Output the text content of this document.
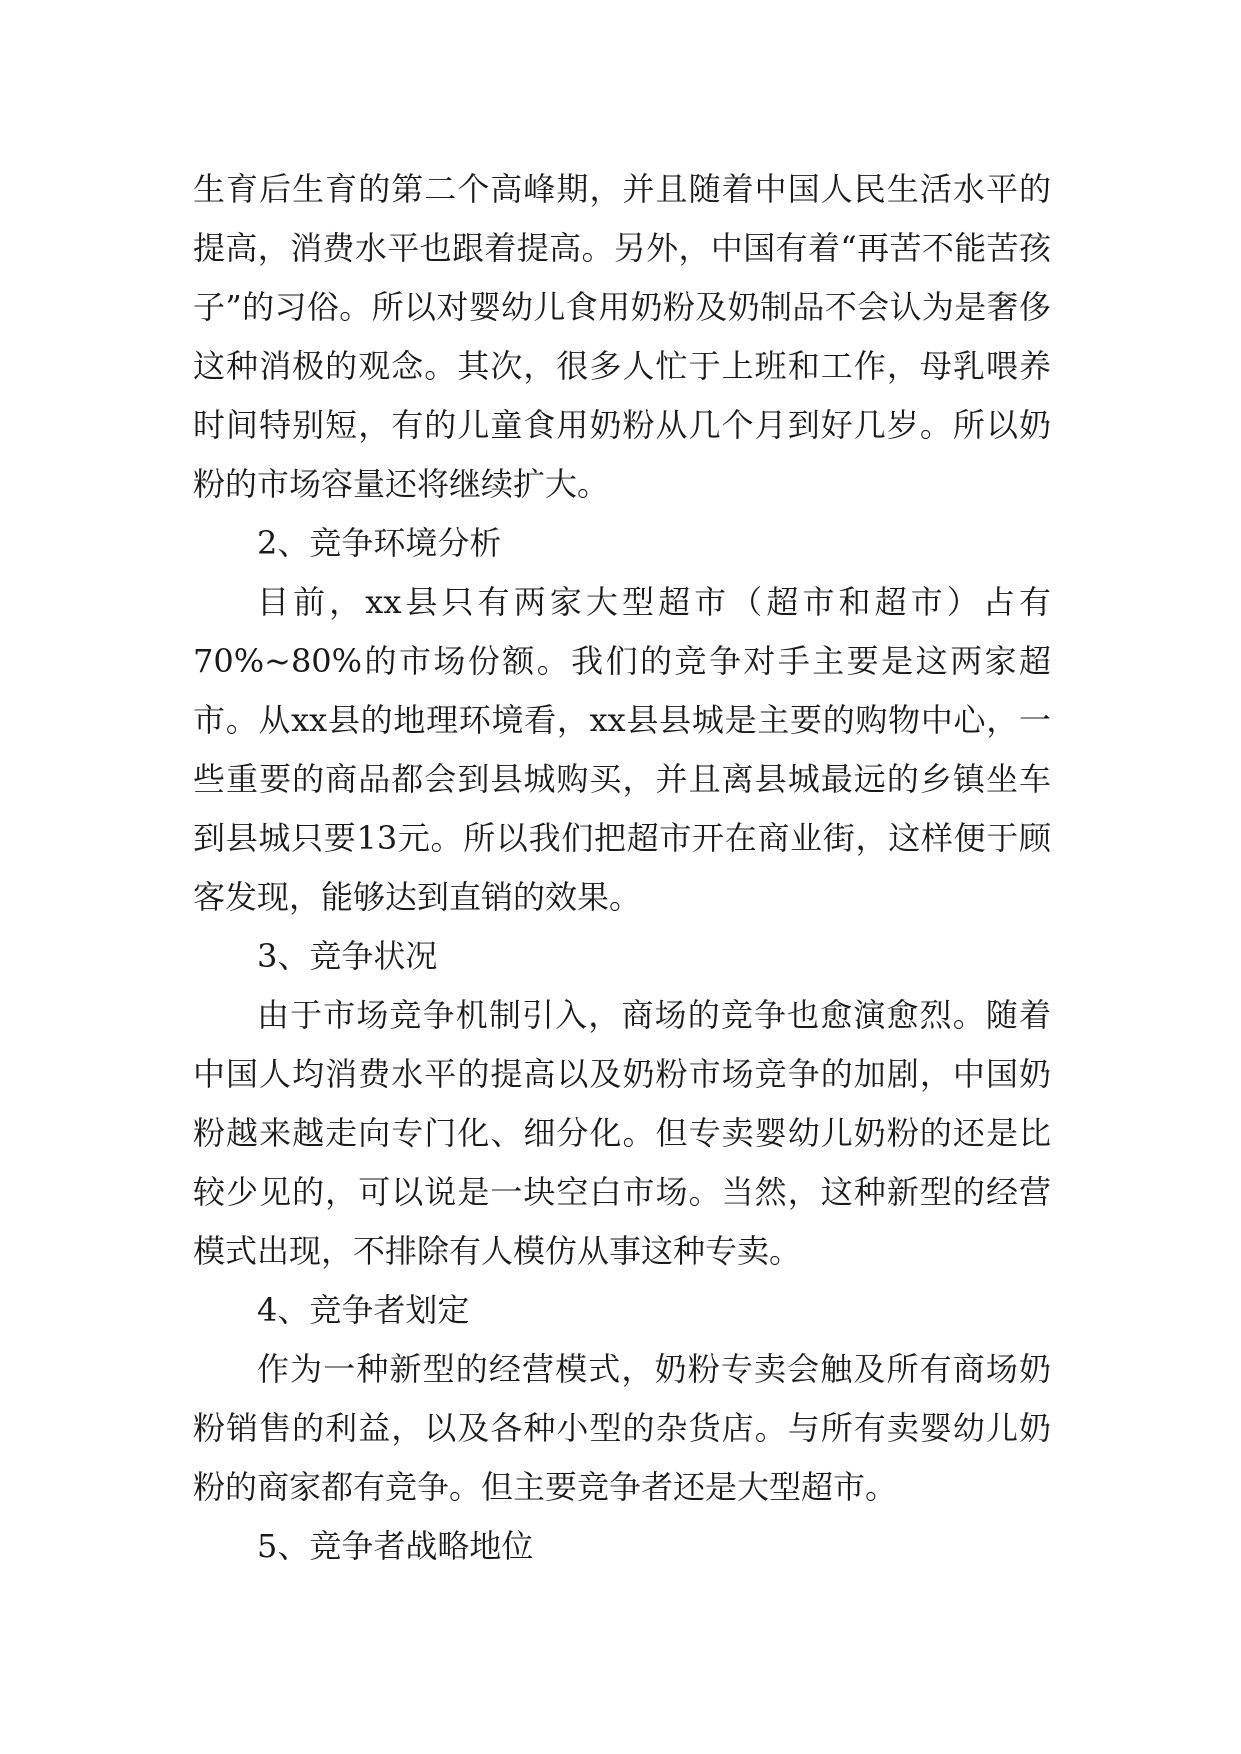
生育后生育的第二个高峰期，并且随着中国人民生活水平的提高，消费水平也跟着提高。另外，中国有着“再苦不能苦孩子”的习俗。所以对婴幼儿食用奶粉及奶制品不会认为是奢侈这种消极的观念。其次，很多人忙于上班和工作，母乳喂养时间特别短，有的儿童食用奶粉从几个月到好几岁。所以奶粉的市场容量还将继续扩大。

2、竞争环境分析

目前，xx县只有两家大型超市（超市和超市）占有70%~80%的市场份额。我们的竞争对手主要是这两家超市。从xx县的地理环境看，xx县县城是主要的购物中心，一些重要的商品都会到县城购买，并且离县城最远的乡镇坐车到县城只要13元。所以我们把超市开在商业街，这样便于顾客发现，能够达到直销的效果。

3、竞争状况

由于市场竞争机制引入，商场的竞争也愈演愈烈。随着中国人均消费水平的提高以及奶粉市场竞争的加剧，中国奶粉越来越走向专门化、细分化。但专卖婴幼儿奶粉的还是比较少见的，可以说是一块空白市场。当然，这种新型的经营模式出现，不排除有人模仿从事这种专卖。

4、竞争者划定

作为一种新型的经营模式，奶粉专卖会触及所有商场奶粉销售的利益，以及各种小型的杂货店。与所有卖婴幼儿奶粉的商家都有竞争。但主要竞争者还是大型超市。

5、竞争者战略地位
